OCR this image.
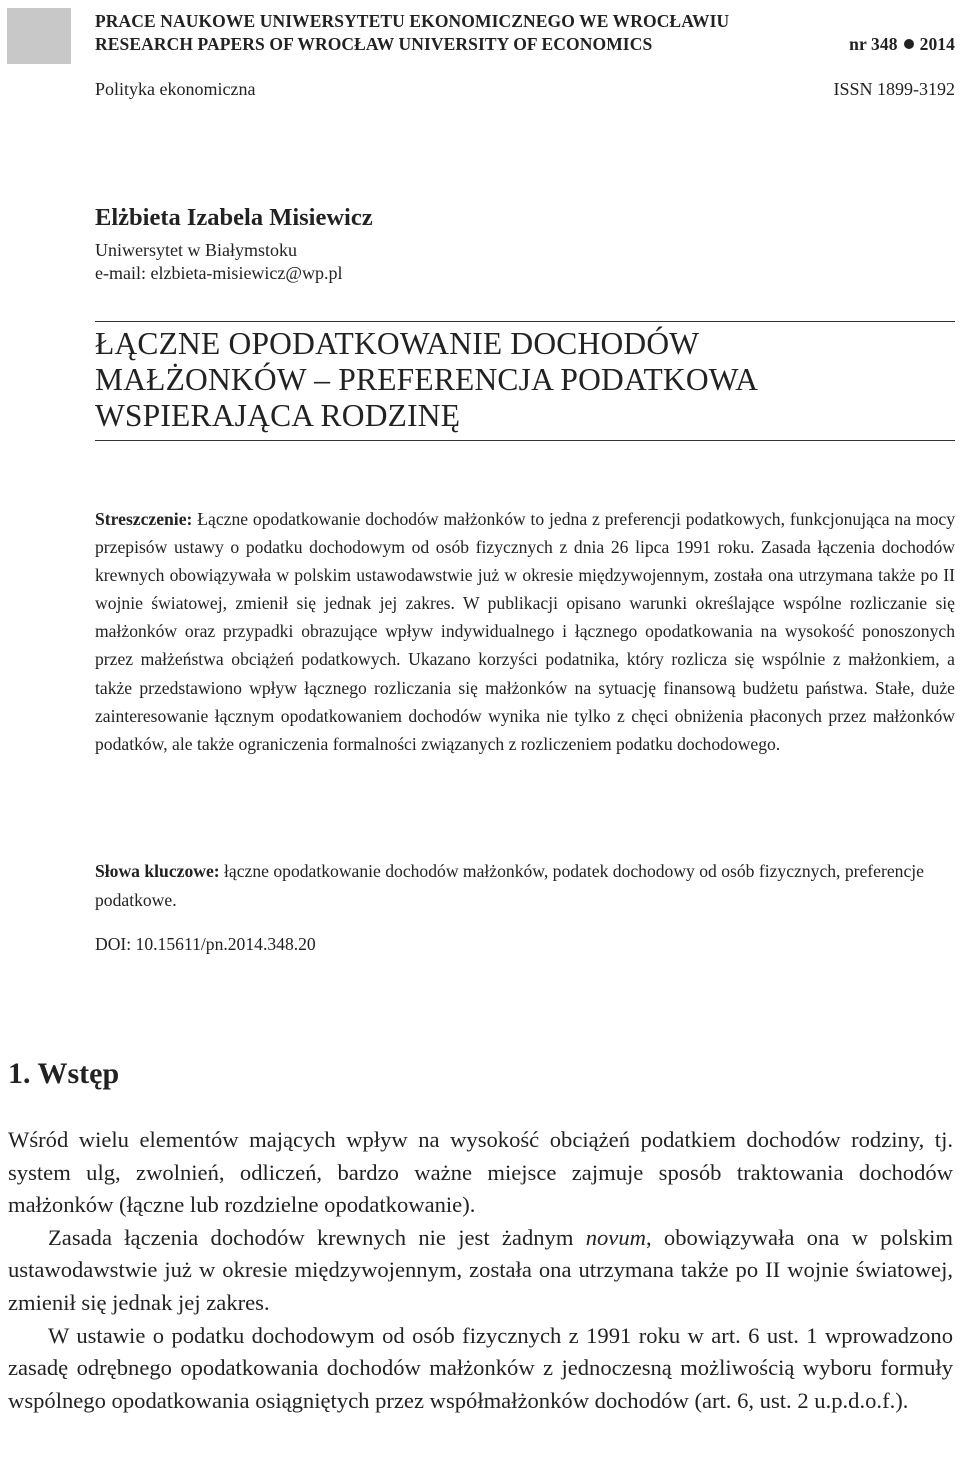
PRACE NAUKOWE UNIWERSYTETU EKONOMICZNEGO WE WROCŁAWIU
RESEARCH PAPERS OF WROCŁAW UNIVERSITY OF ECONOMICS	nr 348 2014
Polityka ekonomiczna	ISSN 1899-3192
Elżbieta Izabela Misiewicz
Uniwersytet w Białymstoku
e-mail: elzbieta-misiewicz@wp.pl
ŁĄCZNE OPODATKOWANIE DOCHODÓW
MAŁŻONKÓW – PREFERENCJA PODATKOWA
WSPIERAJĄCA RODZINĘ

Streszczenie: Łączne opodatkowanie dochodów małżonków to jedna z preferencji podatkowych, funkcjonująca na mocy przepisów ustawy o podatku dochodowym od osób fizycznych z dnia 26 lipca 1991 roku. Zasada łączenia dochodów krewnych obowiązywała w polskim ustawodawstwie już w okresie międzywojennym, została ona utrzymana także po II wojnie światowej, zmienił się jednak jej zakres. W publikacji opisano warunki określające wspólne rozliczanie się małżonków oraz przypadki obrazujące wpływ indywidualnego i łącznego opodatkowania na wysokość ponoszonych przez małżeństwa obciążeń podatkowych. Ukazano korzyści podatnika, który rozlicza się wspólnie z małżonkiem, a także przedstawiono wpływ łącznego rozliczania się małżonków na sytuację finansową budżetu państwa. Stałe, duże zainteresowanie łącznym opodatkowaniem dochodów wynika nie tylko z chęci obniżenia płaconych przez małżonków podatków, ale także ograniczenia formalności związanych z rozliczeniem podatku dochodowego.

Słowa kluczowe: łączne opodatkowanie dochodów małżonków, podatek dochodowy od osób fizycznych, preferencje podatkowe.

DOI: 10.15611/pn.2014.348.20

1. Wstęp

Wśród wielu elementów mających wpływ na wysokość obciążeń podatkiem dochodów rodziny, tj. system ulg, zwolnień, odliczeń, bardzo ważne miejsce zajmuje sposób traktowania dochodów małżonków (łączne lub rozdzielne opodatkowanie).

Zasada łączenia dochodów krewnych nie jest żadnym novum, obowiązywała ona w polskim ustawodawstwie już w okresie międzywojennym, została ona utrzymana także po II wojnie światowej, zmienił się jednak jej zakres.

W ustawie o podatku dochodowym od osób fizycznych z 1991 roku w art. 6 ust. 1 wprowadzono zasadę odrębnego opodatkowania dochodów małżonków z jednoczesną możliwością wyboru formuły wspólnego opodatkowania osiągniętych przez współmałżonków dochodów (art. 6, ust. 2 u.p.d.o.f.).
